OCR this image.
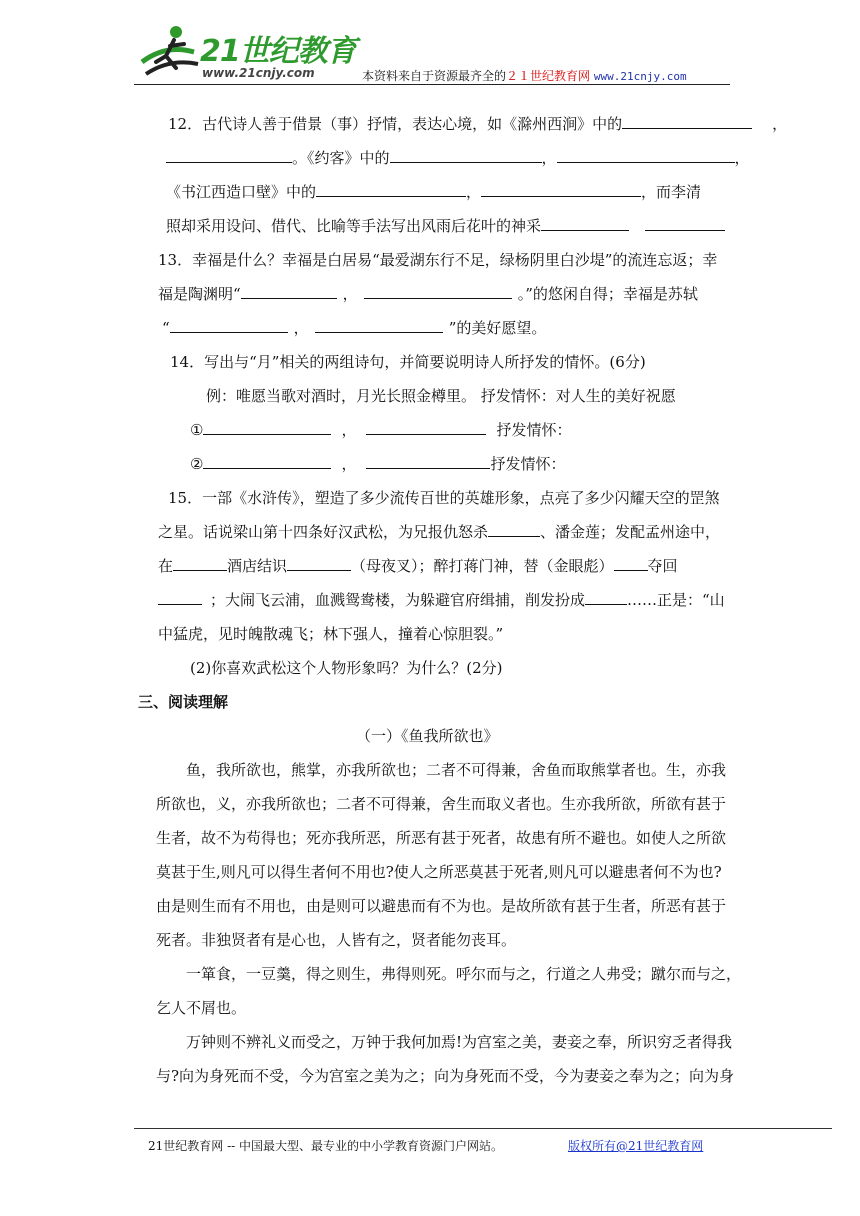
21世纪教育
www.21cnjy.com	本资料来自于资源最齐全的２１世纪教育网 www.21cnjy.com
12．古代诗人善于借景（事）抒情，表达心境，如《滁州西涧》中的	，
。《约客》中的	，	，
《书江西造口壁》中的	，	，而李清
照却采用设问、借代、比喻等手法写出风雨后花叶的神采
13．幸福是什么？幸福是白居易“最爱湖东行不足，绿杨阴里白沙堤”的流连忘返；幸
福是陶渊明“	，	。”的悠闲自得；幸福是苏轼
“	，	”的美好愿望。
14．写出与“月”相关的两组诗句，并简要说明诗人所抒发的情怀。(6分)
例：唯愿当歌对酒时，月光长照金樽里。 抒发情怀：对人生的美好祝愿
①	，	抒发情怀：
②	，	抒发情怀：
15．一部《水浒传》，塑造了多少流传百世的英雄形象，点亮了多少闪耀天空的罡煞
之星。话说梁山第十四条好汉武松，为兄报仇怒杀	、潘金莲；发配孟州途中，
在	酒店结识	（母夜叉）；醉打蒋门神，替（金眼彪） 夺回
；大闹飞云浦，血溅鸳鸯楼，为躲避官府缉捕，削发扮成	……正是：“山
中猛虎，见时魄散魂飞；林下强人，撞着心惊胆裂。”
(2)你喜欢武松这个人物形象吗？为什么？(2分)
三、阅读理解
（一）《鱼我所欲也》
鱼，我所欲也，熊掌，亦我所欲也；二者不可得兼，舍鱼而取熊掌者也。生，亦我
所欲也，义，亦我所欲也；二者不可得兼，舍生而取义者也。生亦我所欲，所欲有甚于
生者，故不为苟得也；死亦我所恶，所恶有甚于死者，故患有所不避也。如使人之所欲
莫甚于生,则凡可以得生者何不用也?使人之所恶莫甚于死者,则凡可以避患者何不为也?
由是则生而有不用也，由是则可以避患而有不为也。是故所欲有甚于生者，所恶有甚于
死者。非独贤者有是心也，人皆有之，贤者能勿丧耳。
一箪食，一豆羹，得之则生，弗得则死。呼尔而与之，行道之人弗受；蹴尔而与之，
乞人不屑也。
万钟则不辨礼义而受之，万钟于我何加焉!为宫室之美，妻妾之奉，所识穷乏者得我
与?向为身死而不受，今为宫室之美为之；向为身死而不受，今为妻妾之奉为之；向为身
21世纪教育网 -- 中国最大型、最专业的中小学教育资源门户网站。	版权所有@21世纪教育网
